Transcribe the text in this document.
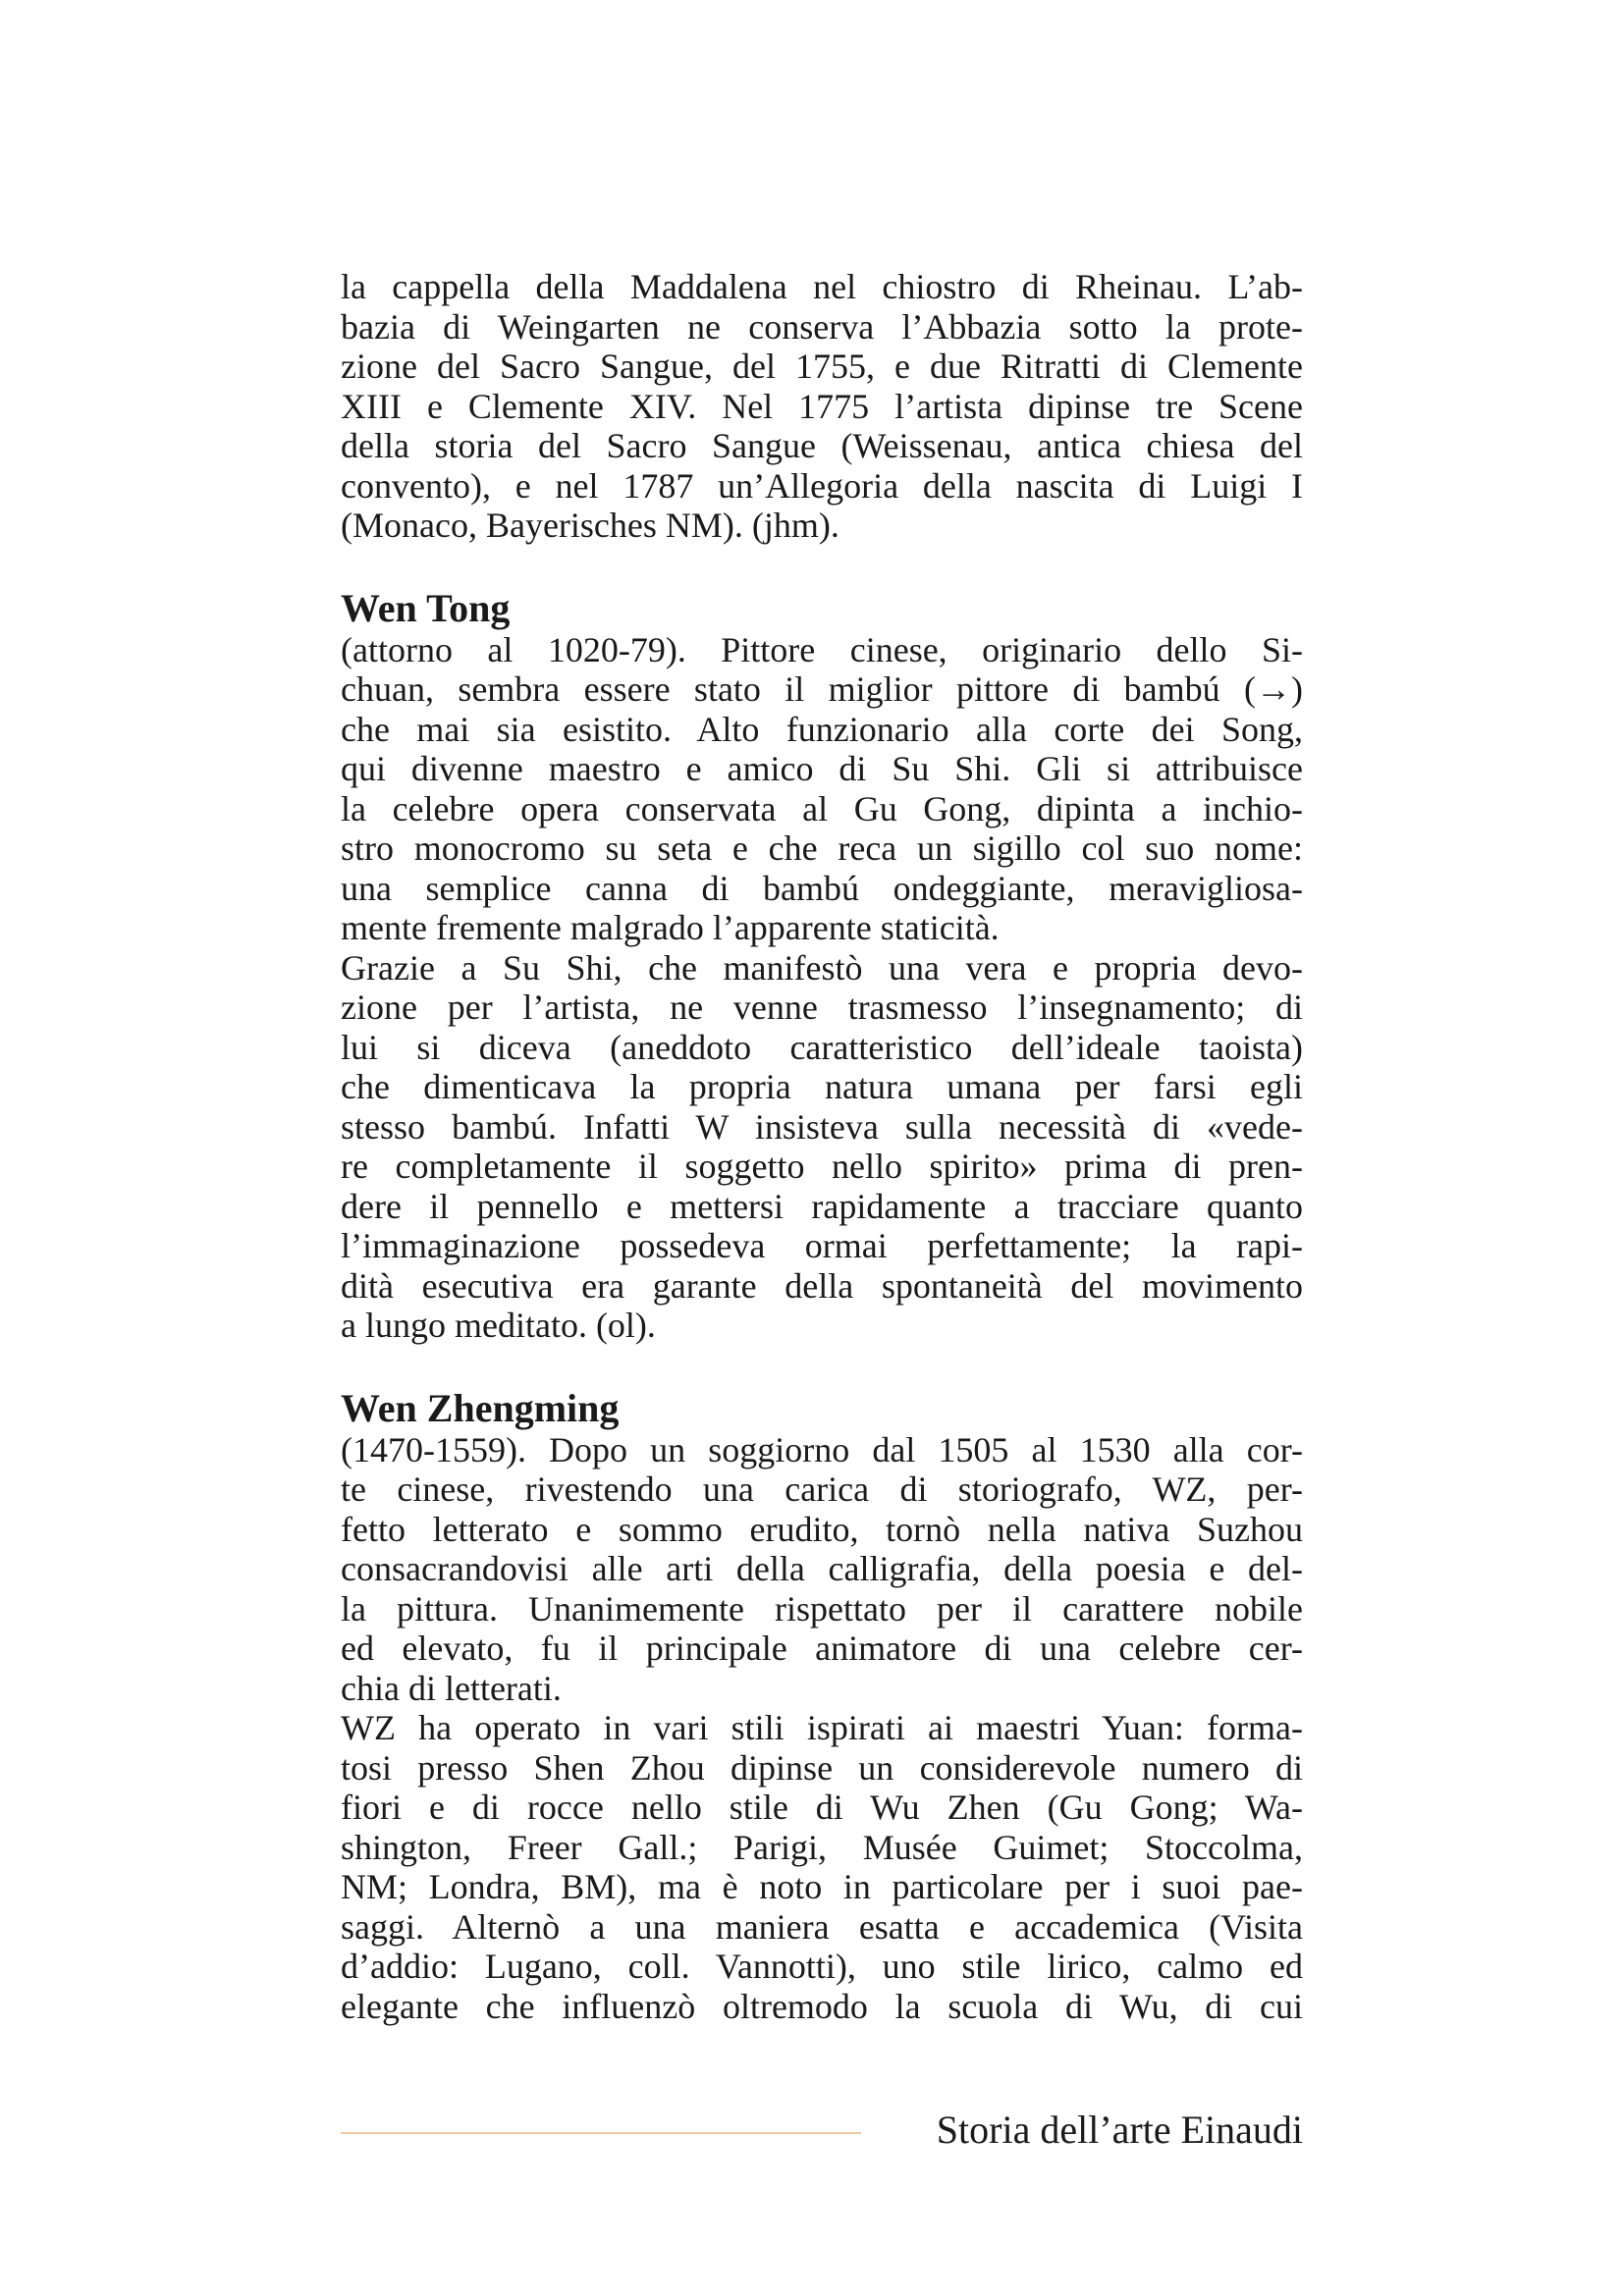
la cappella della Maddalena nel chiostro di Rheinau. L’ab-
bazia di Weingarten ne conserva l’Abbazia sotto la prote-
zione del Sacro Sangue, del 1755, e due Ritratti di Clemente
XIII e Clemente XIV. Nel 1775 l’artista dipinse tre Scene
della storia del Sacro Sangue (Weissenau, antica chiesa del
convento), e nel 1787 un’Allegoria della nascita di Luigi I
(Monaco, Bayerisches NM). (jhm).
Wen Tong
(attorno al 1020-79). Pittore cinese, originario dello Si-
chuan, sembra essere stato il miglior pittore di bambú (→)
che mai sia esistito. Alto funzionario alla corte dei Song,
qui divenne maestro e amico di Su Shi. Gli si attribuisce
la celebre opera conservata al Gu Gong, dipinta a inchio-
stro monocromo su seta e che reca un sigillo col suo nome:
una semplice canna di bambú ondeggiante, meravigliosa-
mente fremente malgrado l’apparente staticità.
Grazie a Su Shi, che manifestò una vera e propria devo-
zione per l’artista, ne venne trasmesso l’insegnamento; di
lui si diceva (aneddoto caratteristico dell’ideale taoista)
che dimenticava la propria natura umana per farsi egli
stesso bambú. Infatti W insisteva sulla necessità di «vede-
re completamente il soggetto nello spirito» prima di pren-
dere il pennello e mettersi rapidamente a tracciare quanto
l’immaginazione possedeva ormai perfettamente; la rapi-
dità esecutiva era garante della spontaneità del movimento
a lungo meditato. (ol).
Wen Zhengming
(1470-1559). Dopo un soggiorno dal 1505 al 1530 alla cor-
te cinese, rivestendo una carica di storiografo, WZ, per-
fetto letterato e sommo erudito, tornò nella nativa Suzhou
consacrandovisi alle arti della calligrafia, della poesia e del-
la pittura. Unanimemente rispettato per il carattere nobile
ed elevato, fu il principale animatore di una celebre cer-
chia di letterati.
WZ ha operato in vari stili ispirati ai maestri Yuan: forma-
tosi presso Shen Zhou dipinse un considerevole numero di
fiori e di rocce nello stile di Wu Zhen (Gu Gong; Wa-
shington, Freer Gall.; Parigi, Musée Guimet; Stoccolma,
NM; Londra, BM), ma è noto in particolare per i suoi pae-
saggi. Alternò a una maniera esatta e accademica (Visita
d’addio: Lugano, coll. Vannotti), uno stile lirico, calmo ed
elegante che influenzò oltremodo la scuola di Wu, di cui
Storia dell’arte Einaudi
